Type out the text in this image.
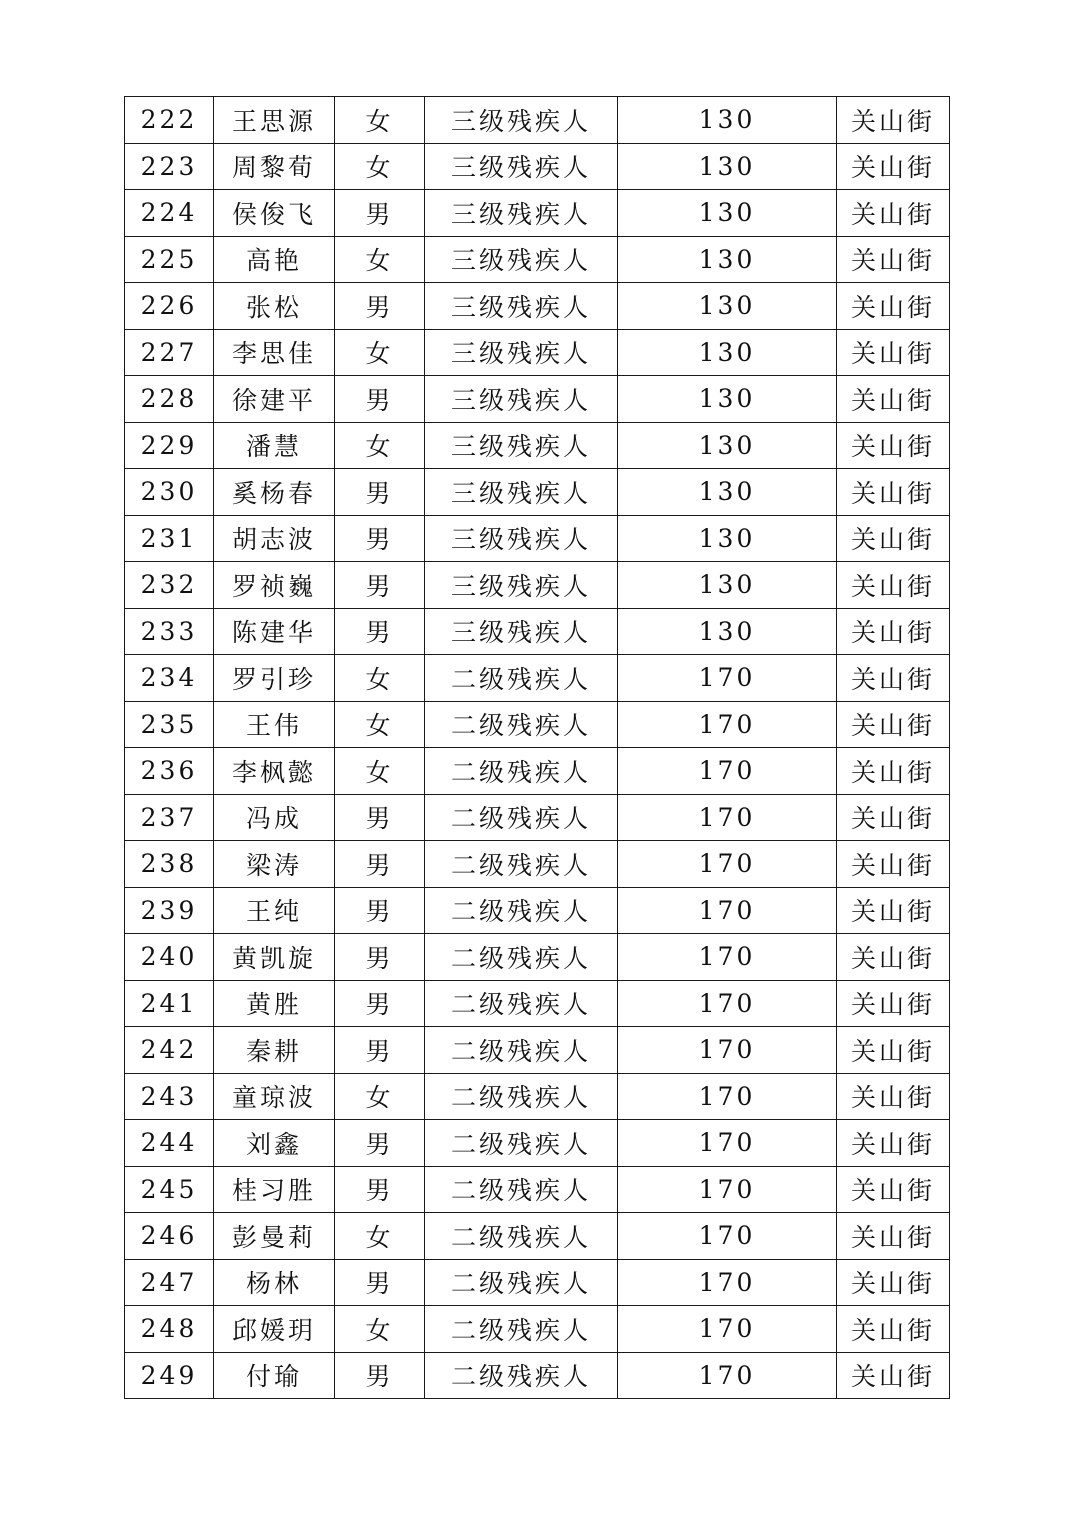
222	王思源	女	三级残疾人	130	关山街
223	周黎荀	女	三级残疾人	130	关山街
224	侯俊飞	男	三级残疾人	130	关山街
225	高艳	女	三级残疾人	130	关山街
226	张松	男	三级残疾人	130	关山街
227	李思佳	女	三级残疾人	130	关山街
228	徐建平	男	三级残疾人	130	关山街
229	潘慧	女	三级残疾人	130	关山街
230	奚杨春	男	三级残疾人	130	关山街
231	胡志波	男	三级残疾人	130	关山街
232	罗祯巍	男	三级残疾人	130	关山街
233	陈建华	男	三级残疾人	130	关山街
234	罗引珍	女	二级残疾人	170	关山街
235	王伟	女	二级残疾人	170	关山街
236	李枫懿	女	二级残疾人	170	关山街
237	冯成	男	二级残疾人	170	关山街
238	梁涛	男	二级残疾人	170	关山街
239	王纯	男	二级残疾人	170	关山街
240	黄凯旋	男	二级残疾人	170	关山街
241	黄胜	男	二级残疾人	170	关山街
242	秦耕	男	二级残疾人	170	关山街
243	童琼波	女	二级残疾人	170	关山街
244	刘鑫	男	二级残疾人	170	关山街
245	桂习胜	男	二级残疾人	170	关山街
246	彭曼莉	女	二级残疾人	170	关山街
247	杨林	男	二级残疾人	170	关山街
248	邱媛玥	女	二级残疾人	170	关山街
249	付瑜	男	二级残疾人	170	关山街
